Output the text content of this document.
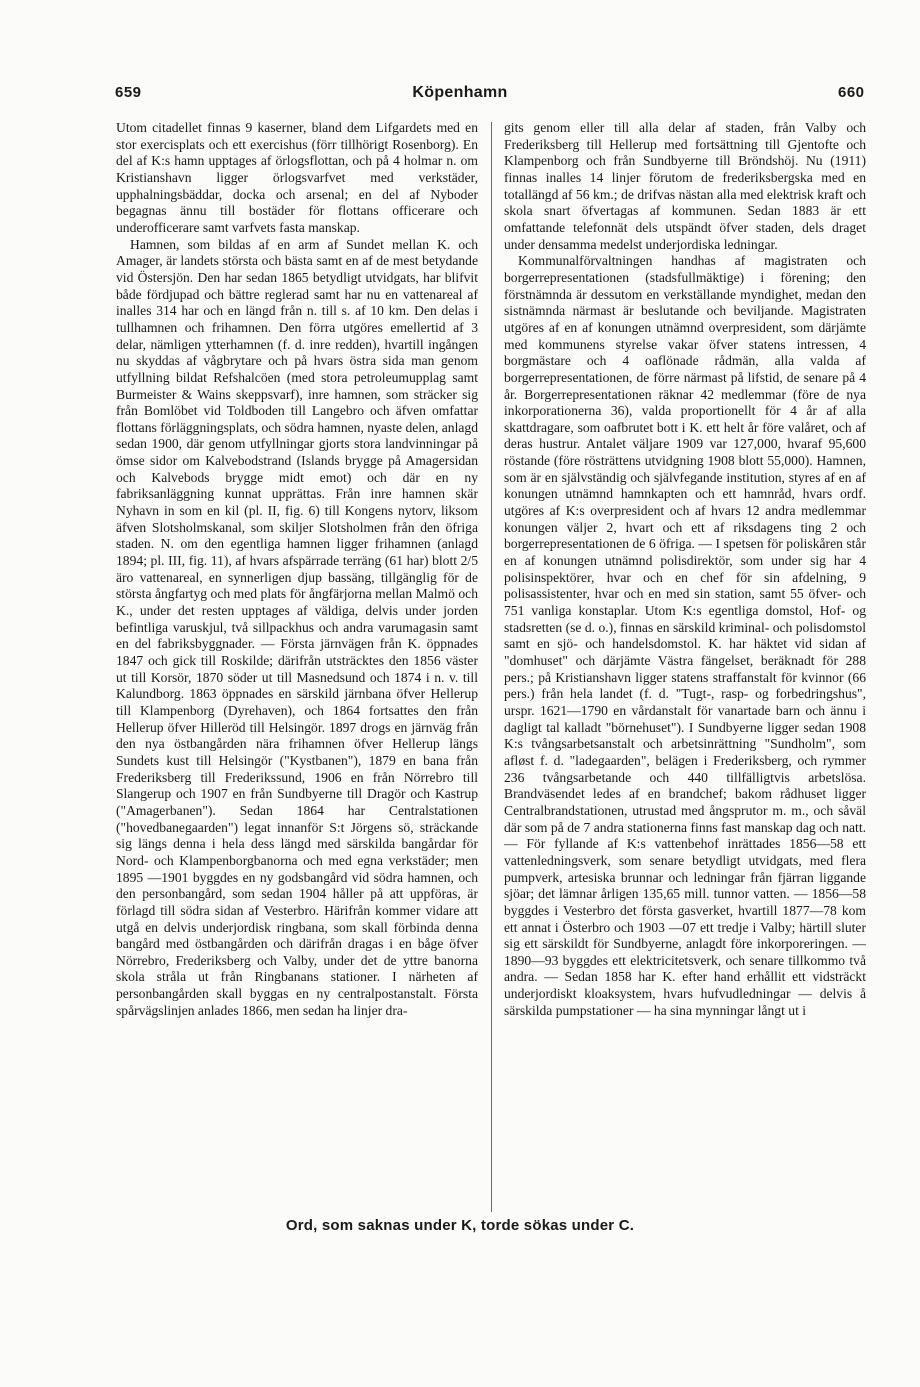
659	Köpenhamn	660

Utom citadellet finnas 9 kaserner, bland dem Lifgardets med en stor exercisplats och ett exercishus (förr tillhörigt Rosenborg). En del af K:s hamn upptages af örlogsflottan, och på 4 holmar n. om Kristianshavn ligger örlogsvarfvet med verkstäder, upphalningsbäddar, docka och arsenal; en del af Nyboder begagnas ännu till bostäder för flottans officerare och underofficerare samt varfvets fasta manskap.

Hamnen, som bildas af en arm af Sundet mellan K. och Amager, är landets största och bästa samt en af de mest betydande vid Östersjön. Den har sedan 1865 betydligt utvidgats, har blifvit både fördjupad och bättre reglerad samt har nu en vattenareal af inalles 314 har och en längd från n. till s. af 10 km. Den delas i tullhamnen och frihamnen. Den förra utgöres emellertid af 3 delar, nämligen ytterhamnen (f. d. inre redden), hvartill ingången nu skyddas af vågbrytare och på hvars östra sida man genom utfyllning bildat Refshalcöen (med stora petroleumupplag samt Burmeister & Wains skeppsvarf), inre hamnen, som sträcker sig från Bomlöbet vid Toldboden till Langebro och äfven omfattar flottans förläggningsplats, och södra hamnen, nyaste delen, anlagd sedan 1900, där genom utfyllningar gjorts stora landvinningar på ömse sidor om Kalvebodstrand (Islands brygge på Amagersidan och Kalvebods brygge midt emot) och där en ny fabriksanläggning kunnat upprättas. Från inre hamnen skär Nyhavn in som en kil (pl. II, fig. 6) till Kongens nytorv, liksom äfven Slotsholmskanal, som skiljer Slotsholmen från den öfriga staden. N. om den egentliga hamnen ligger frihamnen (anlagd 1894; pl. III, fig. 11), af hvars afspärrade terräng (61 har) blott 2/5 äro vattenareal, en synnerligen djup bassäng, tillgänglig för de största ångfartyg och med plats för ångfärjorna mellan Malmö och K., under det resten upptages af väldiga, delvis under jorden befintliga varuskjul, två sillpackhus och andra varumagasin samt en del fabriksbyggnader. — Första järnvägen från K. öppnades 1847 och gick till Roskilde; därifrån utsträcktes den 1856 väster ut till Korsör, 1870 söder ut till Masnedsund och 1874 i n. v. till Kalundborg. 1863 öppnades en särskild järnbana öfver Hellerup till Klampenborg (Dyrehaven), och 1864 fortsattes den från Hellerup öfver Hilleröd till Helsingör. 1897 drogs en järnväg från den nya östbangården nära frihamnen öfver Hellerup längs Sundets kust till Helsingör ("Kystbanen"), 1879 en bana från Frederiksberg till Frederikssund, 1906 en från Nörrebro till Slangerup och 1907 en från Sundbyerne till Dragör och Kastrup ("Amagerbanen"). Sedan 1864 har Centralstationen ("hovedbanegaarden") legat innanför S:t Jörgens sö, sträckande sig längs denna i hela dess längd med särskilda bangårdar för Nord- och Klampenborgbanorna och med egna verkstäder; men 1895 —1901 byggdes en ny godsbangård vid södra hamnen, och den personbangård, som sedan 1904 håller på att uppföras, är förlagd till södra sidan af Vesterbro. Härifrån kommer vidare att utgå en delvis underjordisk ringbana, som skall förbinda denna bangård med östbangården och därifrån dragas i en båge öfver Nörrebro, Frederiksberg och Valby, under det de yttre banorna skola stråla ut från Ringbanans stationer. I närheten af personbangården skall byggas en ny centralpostanstalt. Första spårvägslinjen anlades 1866, men sedan ha linjer dra-

gits genom eller till alla delar af staden, från Valby och Frederiksberg till Hellerup med fortsättning till Gjentofte och Klampenborg och från Sundbyerne till Bröndshöj. Nu (1911) finnas inalles 14 linjer förutom de frederiksbergska med en totallängd af 56 km.; de drifvas nästan alla med elektrisk kraft och skola snart öfvertagas af kommunen. Sedan 1883 är ett omfattande telefonnät dels utspändt öfver staden, dels draget under densamma medelst underjordiska ledningar.

Kommunalförvaltningen handhas af magistraten och borgerrepresentationen (stadsfullmäktige) i förening; den förstnämnda är dessutom en verkställande myndighet, medan den sistnämnda närmast är beslutande och beviljande. Magistraten utgöres af en af konungen utnämnd overpresident, som därjämte med kommunens styrelse vakar öfver statens intressen, 4 borgmästare och 4 oaflönade rådmän, alla valda af borgerrepresentationen, de förre närmast på lifstid, de senare på 4 år. Borgerrepresentationen räknar 42 medlemmar (före de nya inkorporationerna 36), valda proportionellt för 4 år af alla skattdragare, som oafbrutet bott i K. ett helt år före valåret, och af deras hustrur. Antalet väljare 1909 var 127,000, hvaraf 95,600 röstande (före rösträttens utvidgning 1908 blott 55,000). Hamnen, som är en självständig och självfegande institution, styres af en af konungen utnämnd hamnkapten och ett hamnråd, hvars ordf. utgöres af K:s overpresident och af hvars 12 andra medlemmar konungen väljer 2, hvart och ett af riksdagens ting 2 och borgerrepresentationen de 6 öfriga. — I spetsen för poliskåren står en af konungen utnämnd polisdirektör, som under sig har 4 polisinspektörer, hvar och en chef för sin afdelning, 9 polisassistenter, hvar och en med sin station, samt 55 öfver- och 751 vanliga konstaplar. Utom K:s egentliga domstol, Hof- og stadsretten (se d. o.), finnas en särskild kriminal- och polisdomstol samt en sjö- och handelsdomstol. K. har häktet vid sidan af "domhuset" och därjämte Västra fängelset, beräknadt för 288 pers.; på Kristianshavn ligger statens straffanstalt för kvinnor (66 pers.) från hela landet (f. d. "Tugt-, rasp- og forbedringshus", urspr. 1621—1790 en vårdanstalt för vanartade barn och ännu i dagligt tal kalladt "börnehuset"). I Sundbyerne ligger sedan 1908 K:s tvångsarbetsanstalt och arbetsinrättning "Sundholm", som afløst f. d. "ladegaarden", belägen i Frederiksberg, och rymmer 236 tvångsarbetande och 440 tillfälligtvis arbetslösa. Brandväsendet ledes af en brandchef; bakom rådhuset ligger Centralbrandstationen, utrustad med ångsprutor m. m., och såväl där som på de 7 andra stationerna finns fast manskap dag och natt. — För fyllande af K:s vattenbehof inrättades 1856—58 ett vattenledningsverk, som senare betydligt utvidgats, med flera pumpverk, artesiska brunnar och ledningar från fjärran liggande sjöar; det lämnar årligen 135,65 mill. tunnor vatten. — 1856—58 byggdes i Vesterbro det första gasverket, hvartill 1877—78 kom ett annat i Österbro och 1903 —07 ett tredje i Valby; härtill sluter sig ett särskildt för Sundbyerne, anlagdt före inkorporeringen. — 1890—93 byggdes ett elektricitetsverk, och senare tillkommo två andra. — Sedan 1858 har K. efter hand erhållit ett vidsträckt underjordiskt kloaksystem, hvars hufvudledningar — delvis å särskilda pumpstationer — ha sina mynningar långt ut i

Ord, som saknas under K, torde sökas under C.
